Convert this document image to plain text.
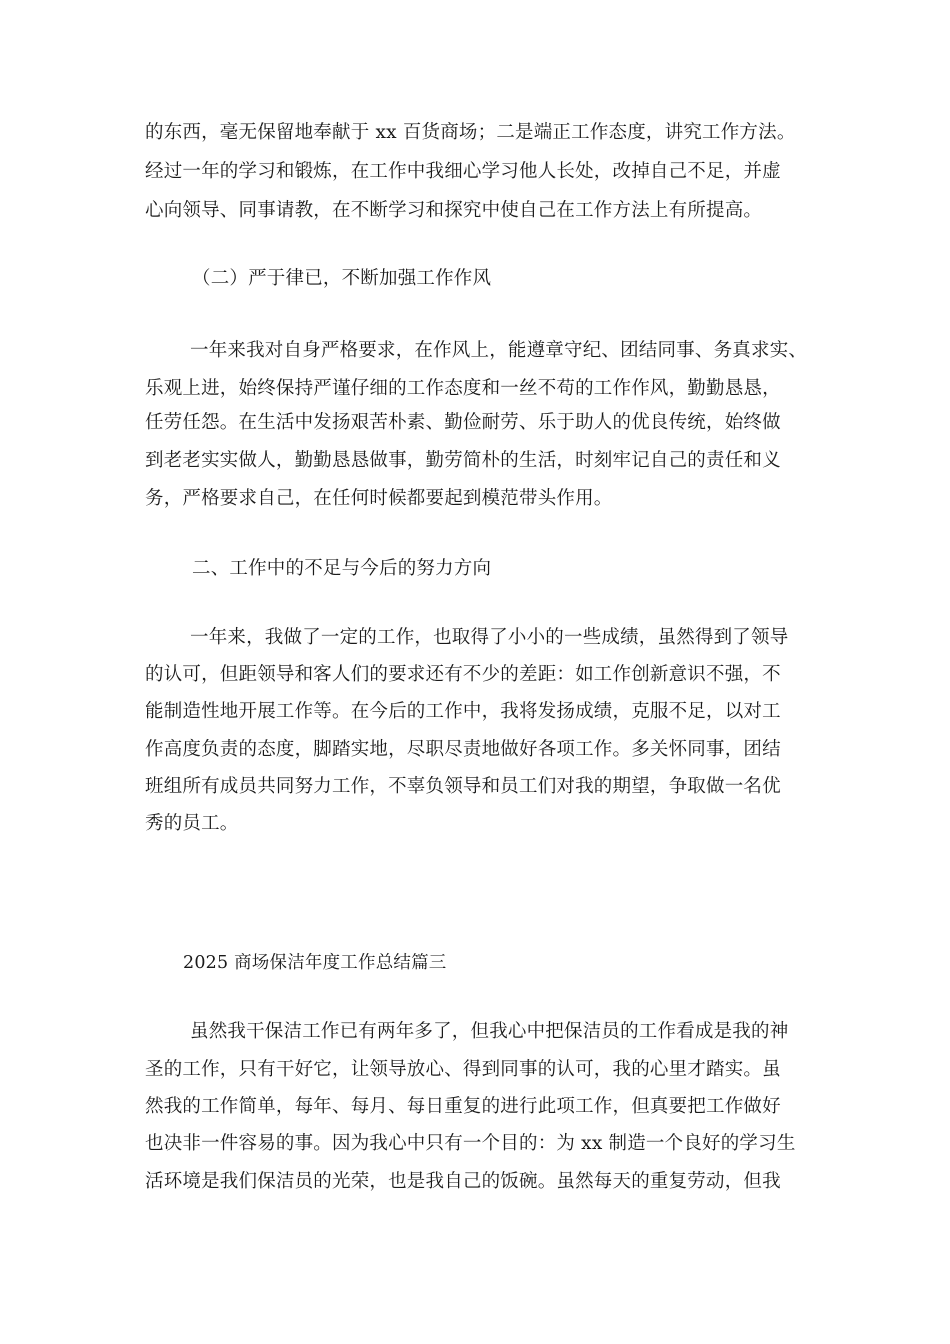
的东西，毫无保留地奉献于 xx 百货商场；二是端正工作态度，讲究工作方法。
经过一年的学习和锻炼，在工作中我细心学习他人长处，改掉自己不足，并虚
心向领导、同事请教，在不断学习和探究中使自己在工作方法上有所提高。
（二）严于律已，不断加强工作作风
一年来我对自身严格要求，在作风上，能遵章守纪、团结同事、务真求实、
乐观上进，始终保持严谨仔细的工作态度和一丝不苟的工作作风，勤勤恳恳，
任劳任怨。在生活中发扬艰苦朴素、勤俭耐劳、乐于助人的优良传统，始终做
到老老实实做人，勤勤恳恳做事，勤劳简朴的生活，时刻牢记自己的责任和义
务，严格要求自己，在任何时候都要起到模范带头作用。
二、工作中的不足与今后的努力方向
一年来，我做了一定的工作，也取得了小小的一些成绩，虽然得到了领导
的认可，但距领导和客人们的要求还有不少的差距：如工作创新意识不强，不
能制造性地开展工作等。在今后的工作中，我将发扬成绩，克服不足，以对工
作高度负责的态度，脚踏实地，尽职尽责地做好各项工作。多关怀同事，团结
班组所有成员共同努力工作，不辜负领导和员工们对我的期望，争取做一名优
秀的员工。
2025 商场保洁年度工作总结篇三
虽然我干保洁工作已有两年多了，但我心中把保洁员的工作看成是我的神
圣的工作，只有干好它，让领导放心、得到同事的认可，我的心里才踏实。虽
然我的工作简单，每年、每月、每日重复的进行此项工作，但真要把工作做好
也决非一件容易的事。因为我心中只有一个目的：为 xx 制造一个良好的学习生
活环境是我们保洁员的光荣，也是我自己的饭碗。虽然每天的重复劳动，但我
